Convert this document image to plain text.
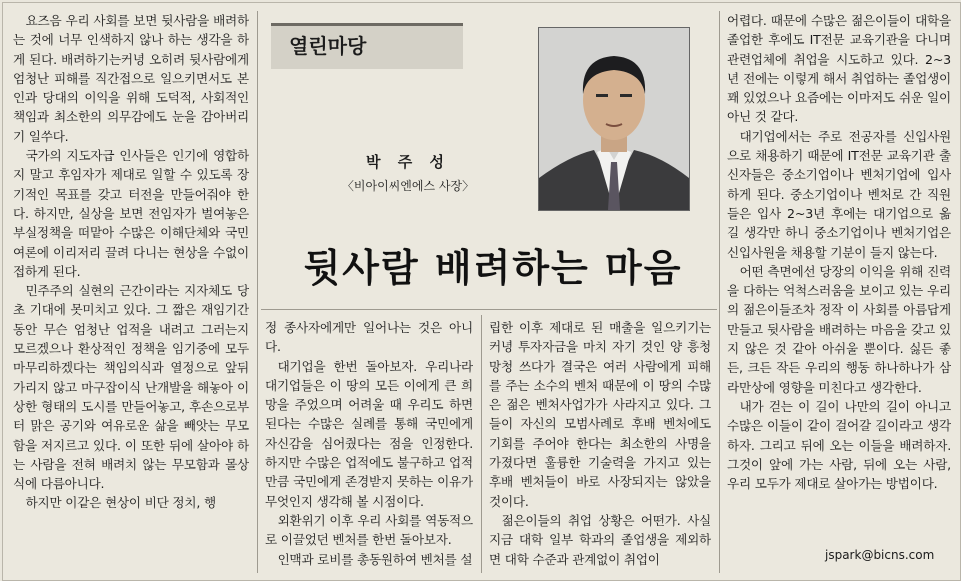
요즈음 우리 사회를 보면 뒷사람을 배려하는 것에 너무 인색하지 않나 하는 생각을 하게 된다. 배려하기는커녕 오히려 뒷사람에게 엄청난 피해를 직간접으로 일으키면서도 본인과 당대의 이익을 위해 도덕적, 사회적인 책임과 최소한의 의무감에도 눈을 감아버리기 일쑤다.

국가의 지도자급 인사들은 인기에 영합하지 말고 후임자가 제대로 일할 수 있도록 장기적인 목표를 갖고 터전을 만들어줘야 한다. 하지만, 실상을 보면 전임자가 벌여놓은 부실정책을 떠맡아 수많은 이해단체와 국민여론에 이리저리 끌려 다니는 현상을 수없이 접하게 된다.

민주주의 실현의 근간이라는 지자체도 당초 기대에 못미치고 있다. 그 짧은 재임기간 동안 무슨 엄청난 업적을 내려고 그러는지 모르겠으나 환상적인 정책을 임기중에 모두 마무리하겠다는 책임의식과 열정으로 앞뒤 가리지 않고 마구잡이식 난개발을 해놓아 이상한 형태의 도시를 만들어놓고, 후손으로부터 맑은 공기와 여유로운 삶을 빼앗는 무모함을 저지르고 있다. 이 또한 뒤에 살아야 하는 사람을 전혀 배려치 않는 무모함과 몰상식에 다름아니다.

하지만 이같은 현상이 비단 정치, 행

열린마당
박 주 성
〈비아이씨엔에스 사장〉
뒷사람 배려하는 마음

정 종사자에게만 일어나는 것은 아니다.

대기업을 한번 돌아보자. 우리나라 대기업들은 이 땅의 모든 이에게 큰 희망을 주었으며 어려울 때 우리도 하면 된다는 수많은 실례를 통해 국민에게 자신감을 심어줬다는 점을 인정한다. 하지만 수많은 업적에도 불구하고 업적만큼 국민에게 존경받지 못하는 이유가 무엇인지 생각해 볼 시점이다.

외환위기 이후 우리 사회를 역동적으로 이끌었던 벤처를 한번 돌아보자.

인맥과 로비를 총동원하여 벤처를 설

립한 이후 제대로 된 매출을 일으키기는커녕 투자자금을 마치 자기 것인 양 흥청망청 쓰다가 결국은 여러 사람에게 피해를 주는 소수의 벤처 때문에 이 땅의 수많은 젊은 벤처사업가가 사라지고 있다. 그들이 자신의 모범사례로 후배 벤처에도 기회를 주어야 한다는 최소한의 사명을 가졌다면 훌륭한 기술력을 가지고 있는 후배 벤처들이 바로 사장되지는 않았을 것이다.

젊은이들의 취업 상황은 어떤가. 사실 지금 대학 일부 학과의 졸업생을 제외하면 대학 수준과 관계없이 취업이

어렵다. 때문에 수많은 젊은이들이 대학을 졸업한 후에도 IT전문 교육기관을 다니며 관련업체에 취업을 시도하고 있다. 2~3년 전에는 이렇게 해서 취업하는 졸업생이 꽤 있었으나 요즘에는 이마저도 쉬운 일이 아닌 것 같다.

대기업에서는 주로 전공자를 신입사원으로 채용하기 때문에 IT전문 교육기관 출신자들은 중소기업이나 벤처기업에 입사하게 된다. 중소기업이나 벤처로 간 직원들은 입사 2~3년 후에는 대기업으로 옮길 생각만 하니 중소기업이나 벤처기업은 신입사원을 채용할 기분이 들지 않는다.

어떤 측면에선 당장의 이익을 위해 진력을 다하는 억척스러움을 보이고 있는 우리의 젊은이들조차 정작 이 사회를 아름답게 만들고 뒷사람을 배려하는 마음을 갖고 있지 않은 것 같아 아쉬울 뿐이다. 싫든 좋든, 크든 작든 우리의 행동 하나하나가 삼라만상에 영향을 미친다고 생각한다.

내가 걷는 이 길이 나만의 길이 아니고 수많은 이들이 같이 걸어갈 길이라고 생각하자. 그리고 뒤에 오는 이들을 배려하자. 그것이 앞에 가는 사람, 뒤에 오는 사람, 우리 모두가 제대로 살아가는 방법이다.

jspark@bicns.com
